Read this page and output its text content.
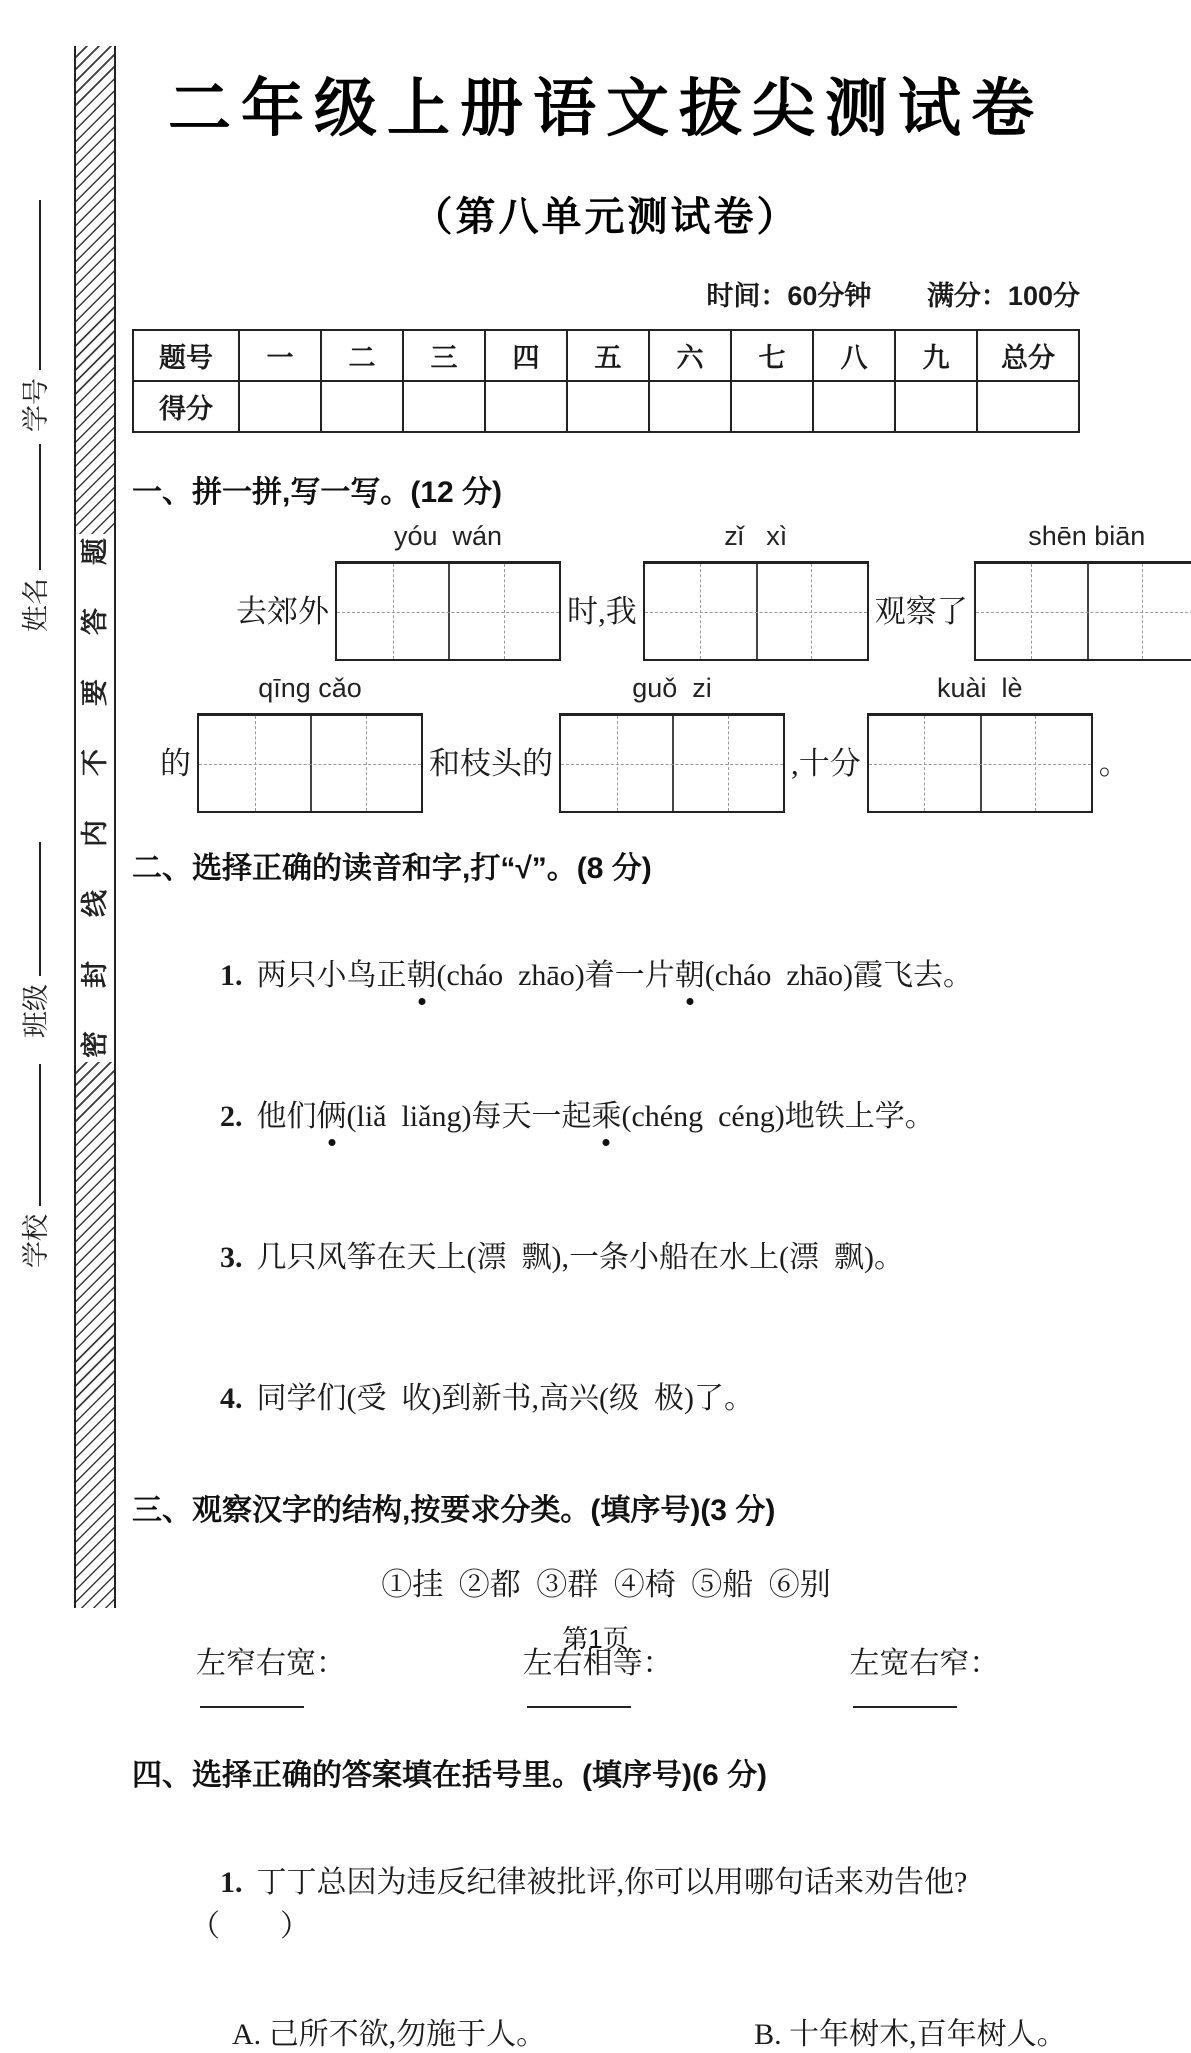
题
答
要
不
内
线
封
密
学号
姓名
班级
学校
二年级上册语文拔尖测试卷
（第八单元测试卷）
时间：60分钟 满分：100分
题号	一	二	三	四	五	六	七	八	九	总分
得分										
一、拼一拼,写一写。(12 分)
去郊外
yóu  wán
时,我
zǐ   xì
观察了
shēn biān
的
qīng cǎo
和枝头的
guǒ  zi
,十分
kuài  lè
。
二、选择正确的读音和字,打“√”。(8 分)

1. 两只小鸟正朝(cháo  zhāo)着一片朝(cháo  zhāo)霞飞去。

2. 他们俩(liǎ  liǎng)每天一起乘(chéng  céng)地铁上学。

3. 几只风筝在天上(漂  飘),一条小船在水上(漂  飘)。

4. 同学们(受  收)到新书,高兴(级  极)了。

三、观察汉字的结构,按要求分类。(填序号)(3 分)
①挂  ②都  ③群  ④椅  ⑤船  ⑥别
左窄右宽：	左右相等：	左宽右窄：
四、选择正确的答案填在括号里。(填序号)(6 分)

1. 丁丁总因为违反纪律被批评,你可以用哪句话来劝告他?（　　）

A. 己所不欲,勿施于人。	B. 十年树木,百年树人。
第1页
